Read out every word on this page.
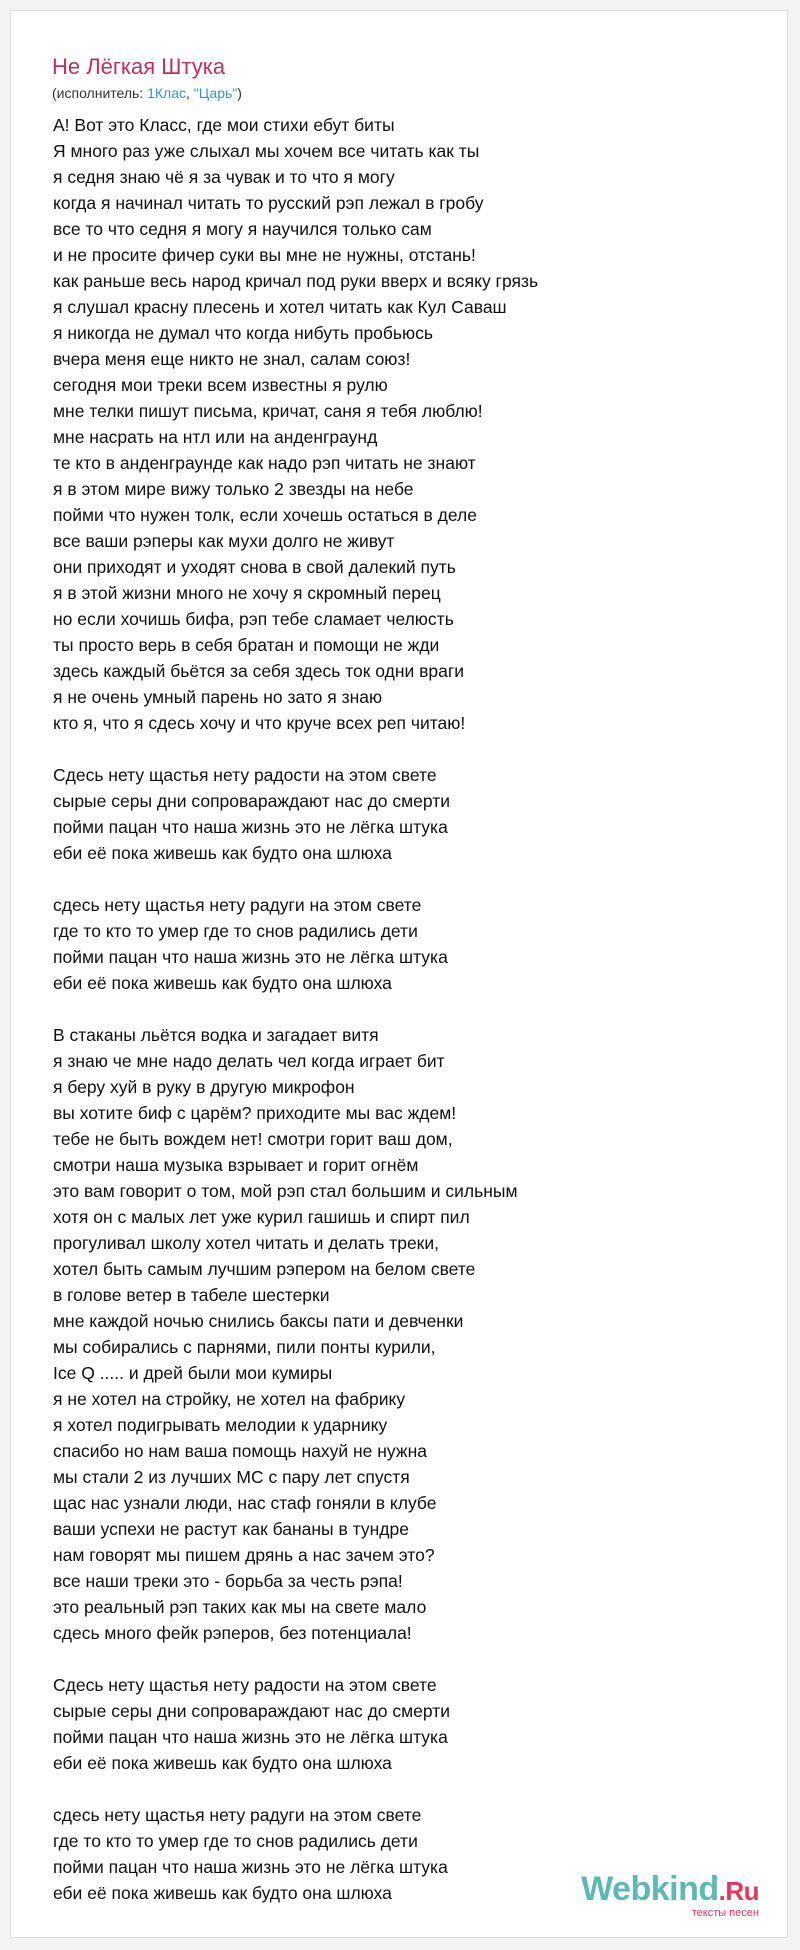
Не Лёгкая Штука
(исполнитель: 1Клас, "Царь")
А! Вот это Класс, где мои стихи ебут биты
Я много раз уже слыхал мы хочем все читать как ты
я седня знаю чё я за чувак и то что я могу
когда я начинал читать то русский рэп лежал в гробу
все то что седня я могу я научился только сам
и не просите фичер суки вы мне не нужны, отстань!
как раньше весь народ кричал под руки вверх и всяку грязь
я слушал красну плесень и хотел читать как Кул Саваш
я никогда не думал что когда нибуть пробьюсь
вчера меня еще никто не знал, салам союз!
сегодня мои треки всем известны я рулю
мне телки пишут письма, кричат, саня я тебя люблю!
мне насрать на нтл или на анденграунд
те кто в анденграунде как надо рэп читать не знают
я в этом мире вижу только 2 звезды на небе
пойми что нужен толк, если хочешь остаться в деле
все ваши рэперы как мухи долго не живут
они приходят и уходят снова в свой далекий путь
я в этой жизни много не хочу я скромный перец
но если хочишь бифа, рэп тебе сламает челюсть
ты просто верь в себя братан и помощи не жди
здесь каждый бьётся за себя здесь ток одни враги
я не очень умный парень но зато я знаю
кто я, что я сдесь хочу и что круче всех реп читаю!
Сдесь нету щастья нету радости на этом свете
сырые серы дни сопровараждают нас до смерти
пойми пацан что наша жизнь это не лёгка штука
еби её пока живешь как будто она шлюха
сдесь нету щастья нету радуги на этом свете
где то кто то умер где то снов радились дети
пойми пацан что наша жизнь это не лёгка штука
еби её пока живешь как будто она шлюха
В стаканы льётся водка и загадает витя
я знаю че мне надо делать чел когда играет бит
я беру хуй в руку в другую микрофон
вы хотите биф с царём? приходите мы вас ждем!
тебе не быть вождем нет! смотри горит ваш дом,
смотри наша музыка взрывает и горит огнём
это вам говорит о том, мой рэп стал большим и сильным
хотя он с малых лет уже курил гашишь и спирт пил
прогуливал школу хотел читать и делать треки,
хотел быть самым лучшим рэпером на белом свете
в голове ветер в табеле шестерки
мне каждой ночью снились баксы пати и девченки
мы собирались с парнями, пили понты курили,
Ice Q ..... и дрей были мои кумиры
я не хотел на стройку, не хотел на фабрику
я хотел подигрывать мелодии к ударнику
спасибо но нам ваша помощь нахуй не нужна
мы стали 2 из лучших МС с пару лет спустя
щас нас узнали люди, нас стаф гоняли в клубе
ваши успехи не растут как бананы в тундре
нам говорят мы пишем дрянь а нас зачем это?
все наши треки это - борьба за честь рэпа!
это реальный рэп таких как мы на свете мало
сдесь много фейк рэперов, без потенциала!
Сдесь нету щастья нету радости на этом свете
сырые серы дни сопровараждают нас до смерти
пойми пацан что наша жизнь это не лёгка штука
еби её пока живешь как будто она шлюха
сдесь нету щастья нету радуги на этом свете
где то кто то умер где то снов радились дети
пойми пацан что наша жизнь это не лёгка штука
еби её пока живешь как будто она шлюха	Webkind.Ru
тексты песен
